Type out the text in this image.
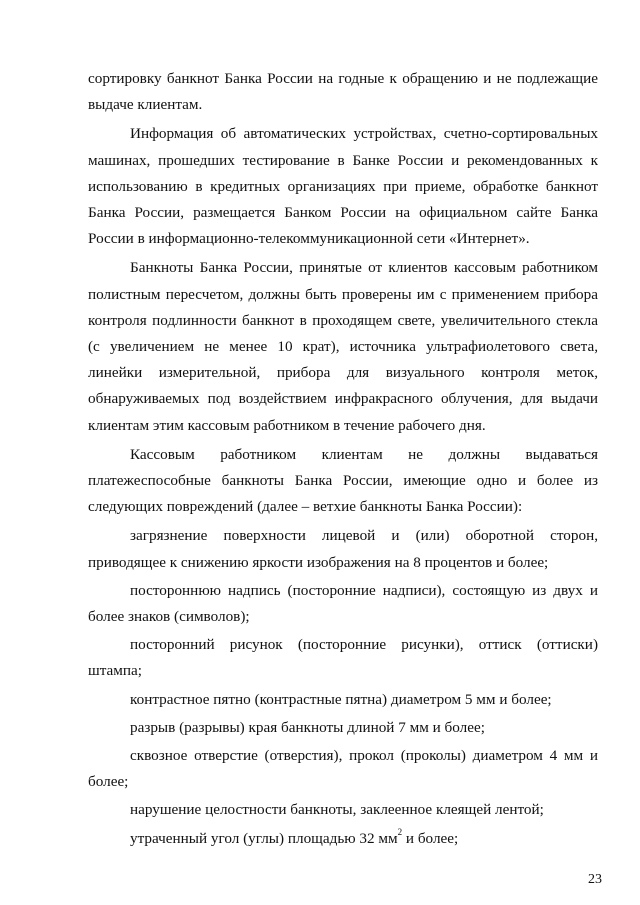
сортировку банкнот Банка России на годные к обращению и не подлежащие выдаче клиентам.

Информация об автоматических устройствах, счетно-сортировальных машинах, прошедших тестирование в Банке России и рекомендованных к использованию в кредитных организациях при приеме, обработке банкнот Банка России, размещается Банком России на официальном сайте Банка России в информационно-телекоммуникационной сети «Интернет».

Банкноты Банка России, принятые от клиентов кассовым работником полистным пересчетом, должны быть проверены им с применением прибора контроля подлинности банкнот в проходящем свете, увеличительного стекла (с увеличением не менее 10 крат), источника ультрафиолетового света, линейки измерительной, прибора для визуального контроля меток, обнаруживаемых под воздействием инфракрасного облучения, для выдачи клиентам этим кассовым работником в течение рабочего дня.

Кассовым работником клиентам не должны выдаваться платежеспособные банкноты Банка России, имеющие одно и более из следующих повреждений (далее – ветхие банкноты Банка России):

загрязнение поверхности лицевой и (или) оборотной сторон, приводящее к снижению яркости изображения на 8 процентов и более;

постороннюю надпись (посторонние надписи), состоящую из двух и более знаков (символов);

посторонний рисунок (посторонние рисунки), оттиск (оттиски) штампа;

контрастное пятно (контрастные пятна) диаметром 5 мм и более;

разрыв (разрывы) края банкноты длиной 7 мм и более;

сквозное отверстие (отверстия), прокол (проколы) диаметром 4 мм и более;

нарушение целостности банкноты, заклеенное клеящей лентой;

утраченный угол (углы) площадью 32 $мм^2$ и более;

23
